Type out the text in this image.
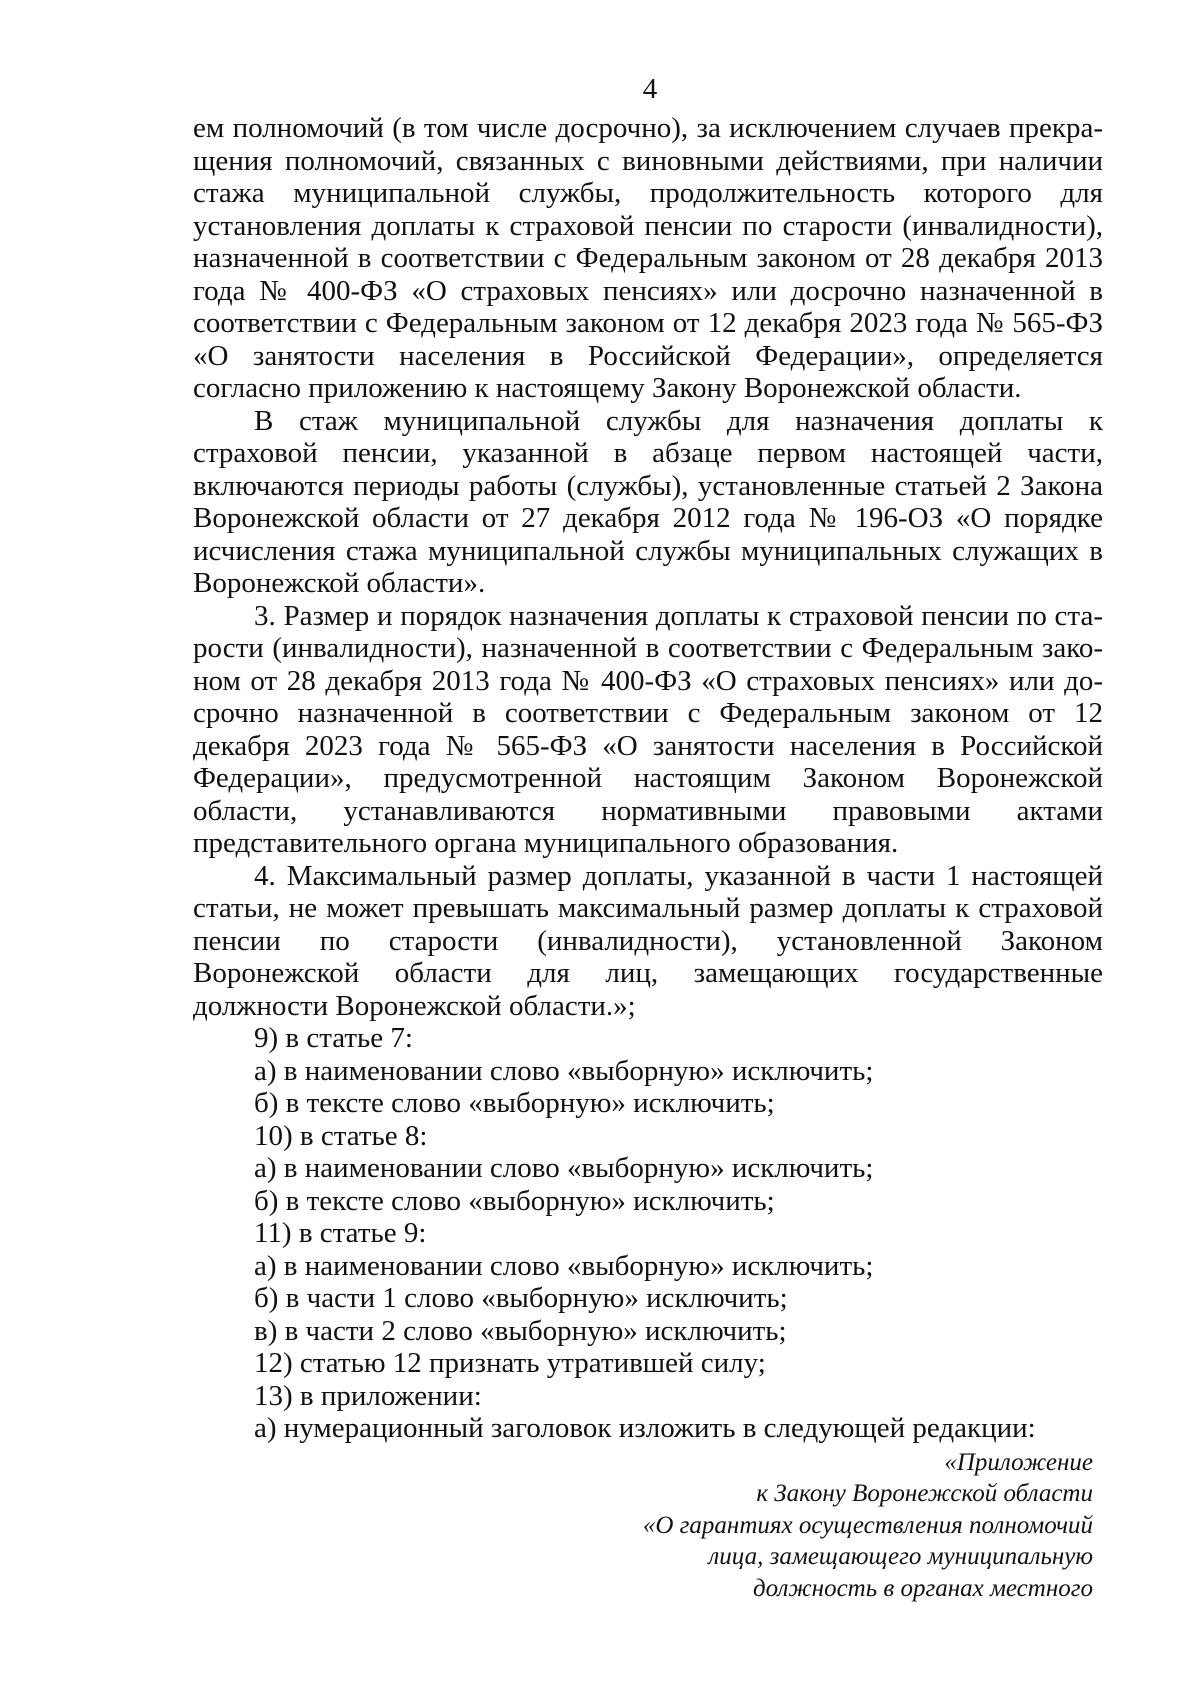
4

ем полномочий (в том числе досрочно), за исключением случаев прекращения полномочий, связанных с виновными действиями, при наличии стажа муниципальной службы, продолжительность которого для установления доплаты к страховой пенсии по старости (инвалидности), назначенной в соответствии с Федеральным законом от 28 декабря 2013 года № 400-ФЗ «О страховых пенсиях» или досрочно назначенной в соответствии с Федеральным законом от 12 декабря 2023 года № 565-ФЗ «О занятости населения в Российской Федерации», определяется согласно приложению к настоящему Закону Воронежской области.

В стаж муниципальной службы для назначения доплаты к страховой пенсии, указанной в абзаце первом настоящей части, включаются периоды работы (службы), установленные статьей 2 Закона Воронежской области от 27 декабря 2012 года № 196-ОЗ «О порядке исчисления стажа муниципальной службы муниципальных служащих в Воронежской области».

3. Размер и порядок назначения доплаты к страховой пенсии по старости (инвалидности), назначенной в соответствии с Федеральным законом от 28 декабря 2013 года № 400-ФЗ «О страховых пенсиях» или досрочно назначенной в соответствии с Федеральным законом от 12 декабря 2023 года № 565-ФЗ «О занятости населения в Российской Федерации», предусмотренной настоящим Законом Воронежской области, устанавливаются нормативными правовыми актами представительного органа муниципального образования.

4. Максимальный размер доплаты, указанной в части 1 настоящей статьи, не может превышать максимальный размер доплаты к страховой пенсии по старости (инвалидности), установленной Законом Воронежской области для лиц, замещающих государственные должности Воронежской области.»;

9) в статье 7:

а) в наименовании слово «выборную» исключить;

б) в тексте слово «выборную» исключить;

10) в статье 8:

а) в наименовании слово «выборную» исключить;

б) в тексте слово «выборную» исключить;

11) в статье 9:

а) в наименовании слово «выборную» исключить;

б) в части 1 слово «выборную» исключить;

в) в части 2 слово «выборную» исключить;

12) статью 12 признать утратившей силу;

13) в приложении:

а) нумерационный заголовок изложить в следующей редакции:

«Приложение

к Закону Воронежской области

«О гарантиях осуществления полномочий

лица, замещающего муниципальную

должность в органах местного
